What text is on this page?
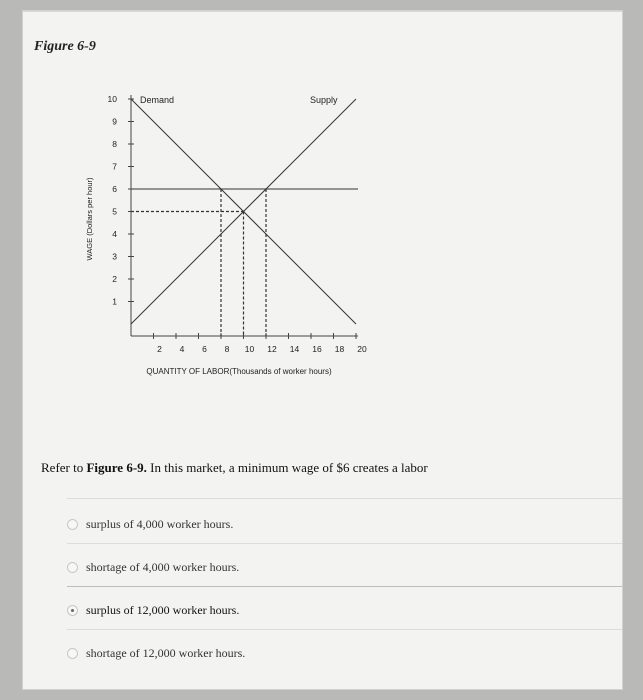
Figure 6-9
10
9
8
7
6
5
4
3
2
1
2 4 6 8 10 12 14 16 18 20
WAGE (Dollars per hour)
QUANTITY OF LABOR(Thousands of worker hours)
Demand	Supply
Refer to Figure 6-9. In this market, a minimum wage of $6 creates a labor
surplus of 4,000 worker hours.
shortage of 4,000 worker hours.
surplus of 12,000 worker hours.
shortage of 12,000 worker hours.
